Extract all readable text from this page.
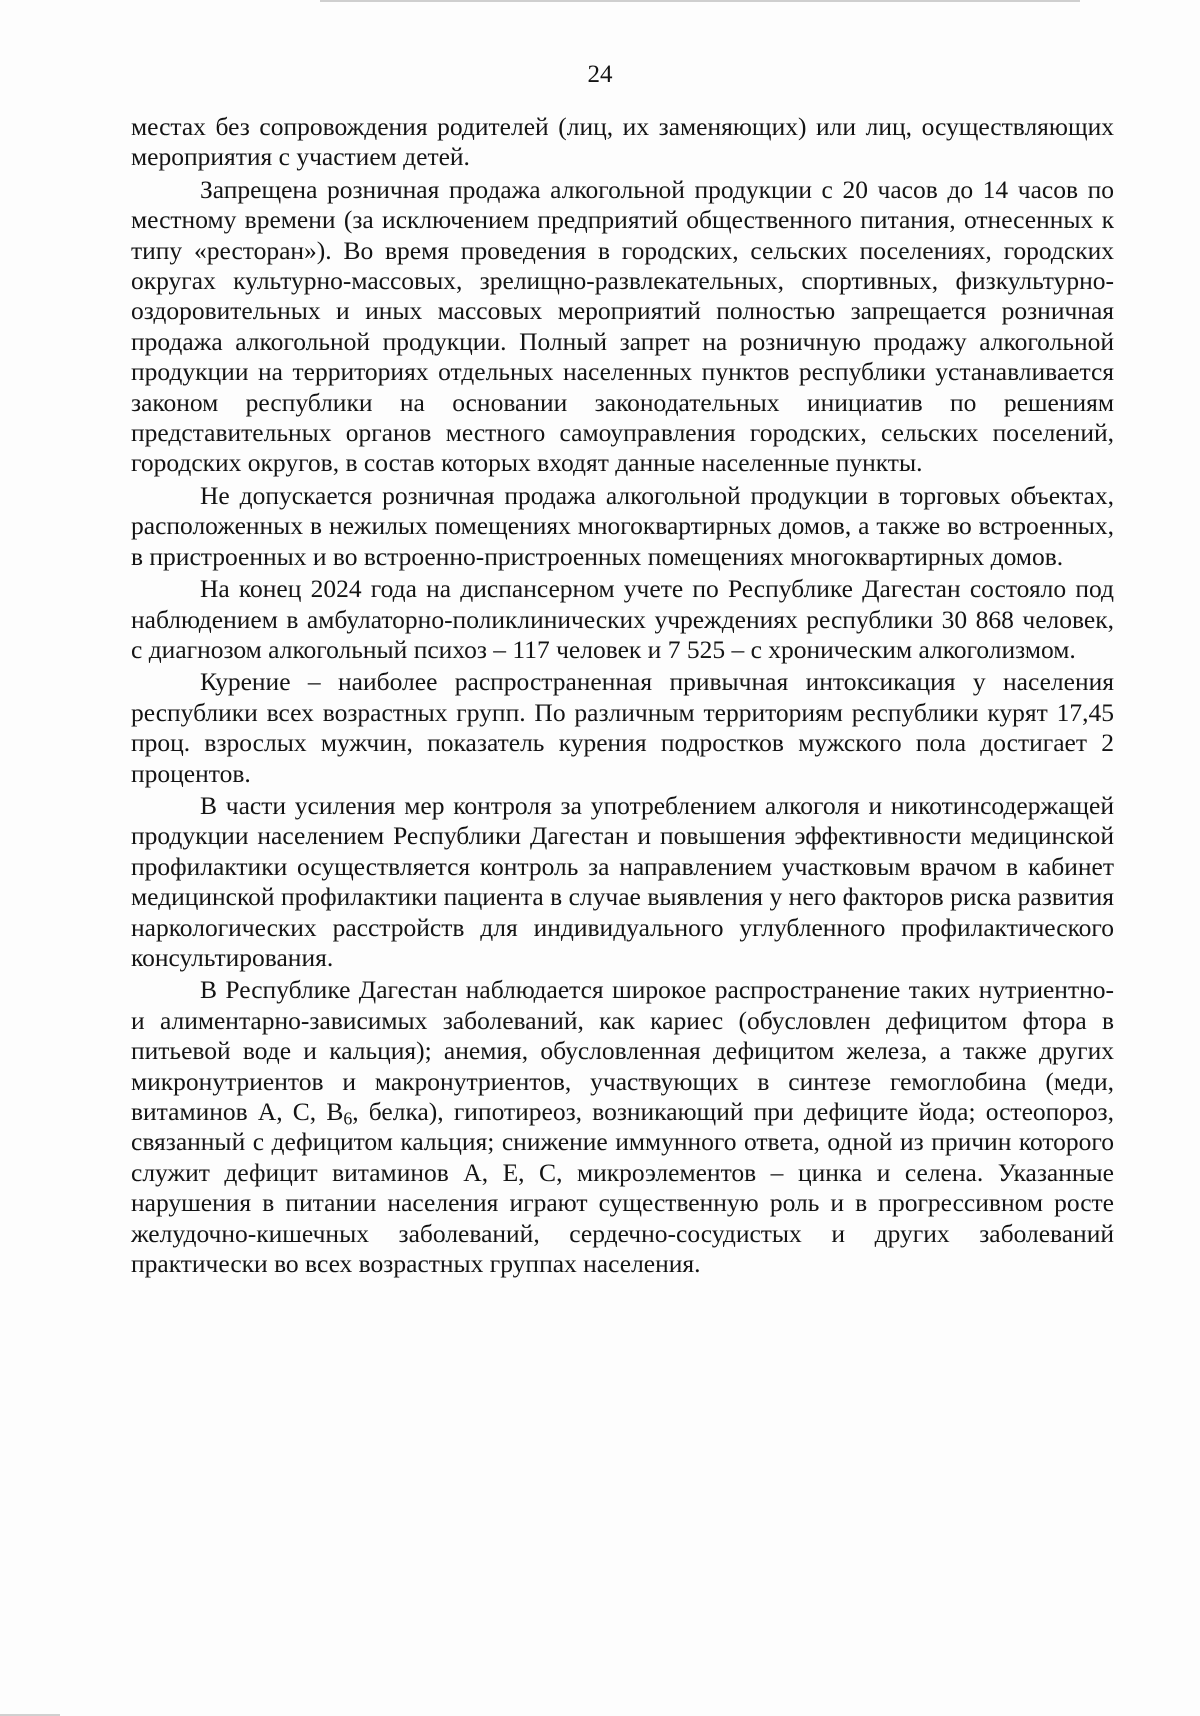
24

местах без сопровождения родителей (лиц, их заменяющих) или лиц, осуществляющих мероприятия с участием детей.

Запрещена розничная продажа алкогольной продукции с 20 часов до 14 часов по местному времени (за исключением предприятий общественного питания, отнесенных к типу «ресторан»). Во время проведения в городских, сельских поселениях, городских округах культурно-массовых, зрелищно-развлекательных, спортивных, физкультурно-оздоровительных и иных массовых мероприятий полностью запрещается розничная продажа алкогольной продукции. Полный запрет на розничную продажу алкогольной продукции на территориях отдельных населенных пунктов республики устанавливается законом республики на основании законодательных инициатив по решениям представительных органов местного самоуправления городских, сельских поселений, городских округов, в состав которых входят данные населенные пункты.

Не допускается розничная продажа алкогольной продукции в торговых объектах, расположенных в нежилых помещениях многоквартирных домов, а также во встроенных, в пристроенных и во встроенно-пристроенных помещениях многоквартирных домов.

На конец 2024 года на диспансерном учете по Республике Дагестан состояло под наблюдением в амбулаторно-поликлинических учреждениях республики 30 868 человек, с диагнозом алкогольный психоз – 117 человек и 7 525 – с хроническим алкоголизмом.

Курение – наиболее распространенная привычная интоксикация у населения республики всех возрастных групп. По различным территориям республики курят 17,45 проц. взрослых мужчин, показатель курения подростков мужского пола достигает 2 процентов.

В части усиления мер контроля за употреблением алкоголя и никотинсодержащей продукции населением Республики Дагестан и повышения эффективности медицинской профилактики осуществляется контроль за направлением участковым врачом в кабинет медицинской профилактики пациента в случае выявления у него факторов риска развития наркологических расстройств для индивидуального углубленного профилактического консультирования.

В Республике Дагестан наблюдается широкое распространение таких нутриентно- и алиментарно-зависимых заболеваний, как кариес (обусловлен дефицитом фтора в питьевой воде и кальция); анемия, обусловленная дефицитом железа, а также других микронутриентов и макронутриентов, участвующих в синтезе гемоглобина (меди, витаминов А, С, $В_6$, белка), гипотиреоз, возникающий при дефиците йода; остеопороз, связанный с дефицитом кальция; снижение иммунного ответа, одной из причин которого служит дефицит витаминов А, Е, С, микроэлементов – цинка и селена. Указанные нарушения в питании населения играют существенную роль и в прогрессивном росте желудочно-кишечных заболеваний, сердечно-сосудистых и других заболеваний практически во всех возрастных группах населения.
